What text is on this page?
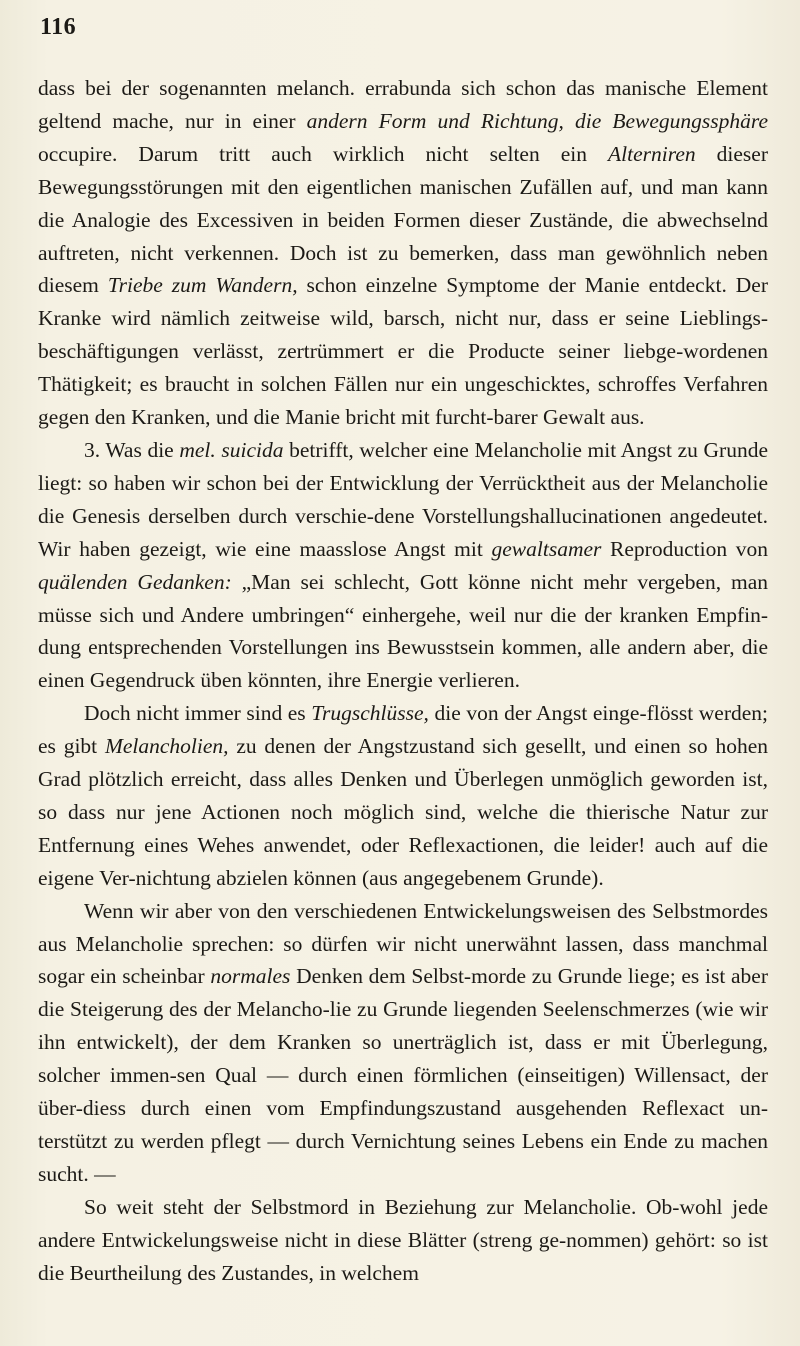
116

dass bei der sogenannten melanch. errabunda sich schon das manische Element geltend mache, nur in einer andern Form und Richtung, die Bewegungssphäre occupire. Darum tritt auch wirklich nicht selten ein Alterniren dieser Bewegungsstörungen mit den eigentlichen manischen Zufällen auf, und man kann die Analogie des Excessiven in beiden Formen dieser Zustände, die abwechselnd auftreten, nicht verkennen. Doch ist zu bemerken, dass man gewöhnlich neben diesem Triebe zum Wandern, schon einzelne Symptome der Manie entdeckt. Der Kranke wird nämlich zeitweise wild, barsch, nicht nur, dass er seine Lieblings-beschäftigungen verlässt, zertrümmert er die Producte seiner liebge-wordenen Thätigkeit; es braucht in solchen Fällen nur ein ungeschicktes, schroffes Verfahren gegen den Kranken, und die Manie bricht mit furcht-barer Gewalt aus.

3. Was die mel. suicida betrifft, welcher eine Melancholie mit Angst zu Grunde liegt: so haben wir schon bei der Entwicklung der Verrücktheit aus der Melancholie die Genesis derselben durch verschie-dene Vorstellungshallucinationen angedeutet. Wir haben gezeigt, wie eine maasslose Angst mit gewaltsamer Reproduction von quälenden Gedanken: „Man sei schlecht, Gott könne nicht mehr vergeben, man müsse sich und Andere umbringen“ einhergehe, weil nur die der kranken Empfin-dung entsprechenden Vorstellungen ins Bewusstsein kommen, alle andern aber, die einen Gegendruck üben könnten, ihre Energie verlieren.

Doch nicht immer sind es Trugschlüsse, die von der Angst einge-flösst werden; es gibt Melancholien, zu denen der Angstzustand sich gesellt, und einen so hohen Grad plötzlich erreicht, dass alles Denken und Überlegen unmöglich geworden ist, so dass nur jene Actionen noch möglich sind, welche die thierische Natur zur Entfernung eines Wehes anwendet, oder Reflexactionen, die leider! auch auf die eigene Ver-nichtung abzielen können (aus angegebenem Grunde).

Wenn wir aber von den verschiedenen Entwickelungsweisen des Selbstmordes aus Melancholie sprechen: so dürfen wir nicht unerwähnt lassen, dass manchmal sogar ein scheinbar normales Denken dem Selbst-morde zu Grunde liege; es ist aber die Steigerung des der Melancho-lie zu Grunde liegenden Seelenschmerzes (wie wir ihn entwickelt), der dem Kranken so unerträglich ist, dass er mit Überlegung, solcher immen-sen Qual — durch einen förmlichen (einseitigen) Willensact, der über-diess durch einen vom Empfindungszustand ausgehenden Reflexact un-terstützt zu werden pflegt — durch Vernichtung seines Lebens ein Ende zu machen sucht. —

So weit steht der Selbstmord in Beziehung zur Melancholie. Ob-wohl jede andere Entwickelungsweise nicht in diese Blätter (streng ge-nommen) gehört: so ist die Beurtheilung des Zustandes, in welchem
